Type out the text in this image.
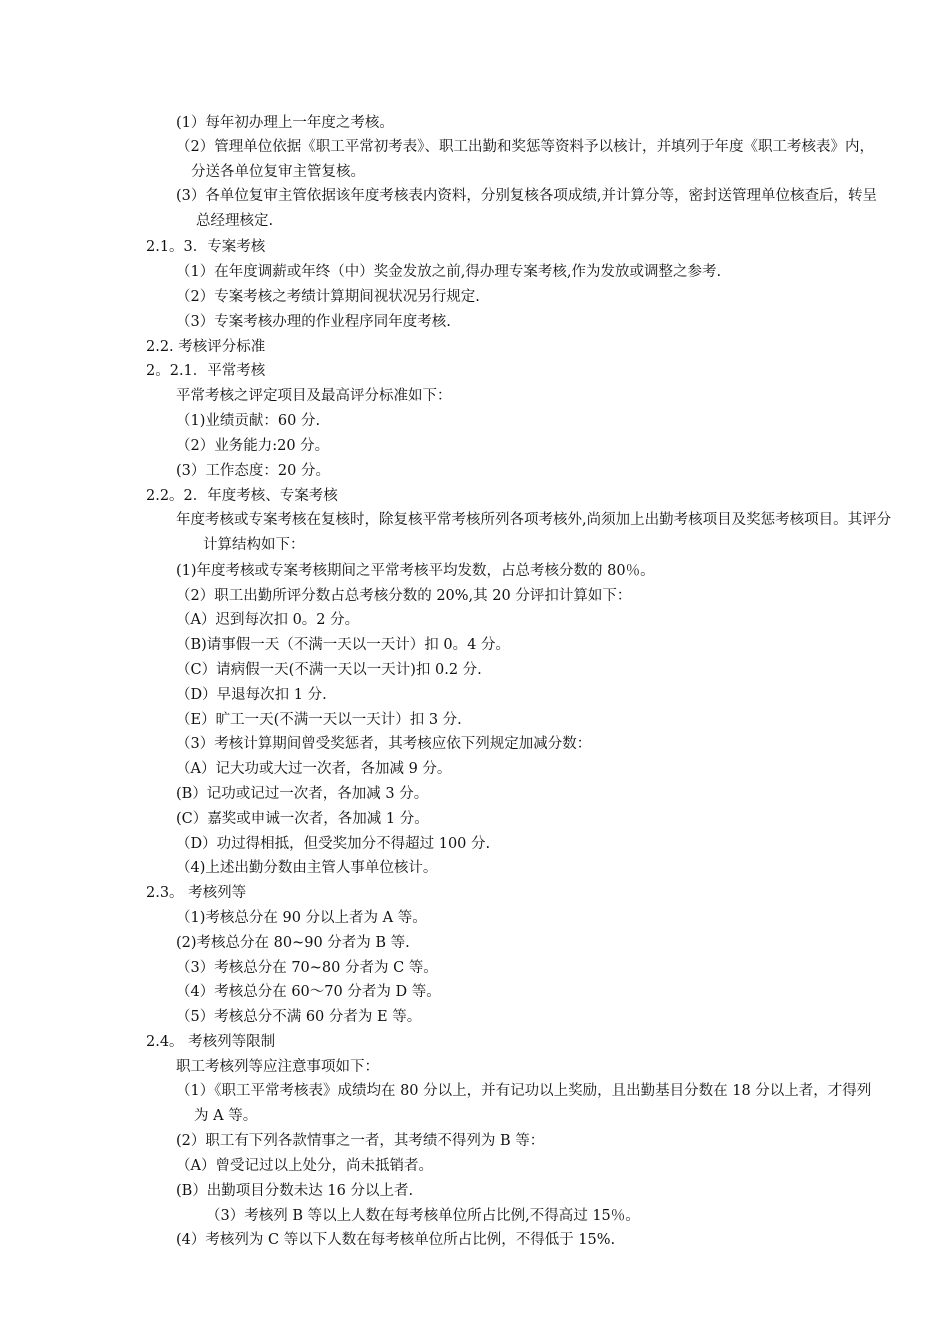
(1）每年初办理上一年度之考核。
（2）管理单位依据《职工平常初考表》、职工出勤和奖惩等资料予以核计，并填列于年度《职工考核表》内，分送各单位复审主管复核。
(3）各单位复审主管依据该年度考核表内资料，分别复核各项成绩,并计算分等，密封送管理单位核查后，转呈总经理核定.
2.1。3．专案考核
（1）在年度调薪或年终（中）奖金发放之前,得办理专案考核,作为发放或调整之参考.
（2）专案考核之考绩计算期间视状况另行规定.
（3）专案考核办理的作业程序同年度考核.
2.2. 考核评分标准
2。2.1．平常考核
平常考核之评定项目及最高评分标准如下：
（1)业绩贡献：60 分.
（2）业务能力:20 分。
(3）工作态度：20 分。
2.2。2．年度考核、专案考核
年度考核或专案考核在复核时，除复核平常考核所列各项考核外,尚须加上出勤考核项目及奖惩考核项目。其评分计算结构如下：
(1)年度考核或专案考核期间之平常考核平均发数，占总考核分数的 80％。
（2）职工出勤所评分数占总考核分数的 20%,其 20 分评扣计算如下：
（A）迟到每次扣 0。2 分。
（B)请事假一天（不满一天以一天计）扣 0。4 分。
（C）请病假一天(不满一天以一天计)扣 0.2 分.
（D）早退每次扣 1 分.
（E）旷工一天(不满一天以一天计）扣 3 分.
（3）考核计算期间曾受奖惩者，其考核应依下列规定加减分数：
（A）记大功或大过一次者，各加减 9 分。
(B）记功或记过一次者，各加减 3 分。
(C）嘉奖或申诫一次者，各加减 1 分。
（D）功过得相抵，但受奖加分不得超过 100 分.
（4)上述出勤分数由主管人事单位核计。
2.3。 考核列等
（1)考核总分在 90 分以上者为 A 等。
(2)考核总分在 80~90 分者为 B 等.
（3）考核总分在 70~80 分者为 C 等。
（4）考核总分在 60～70 分者为 D 等。
（5）考核总分不满 60 分者为 E 等。
2.4。 考核列等限制
职工考核列等应注意事项如下：
（1）《职工平常考核表》成绩均在 80 分以上，并有记功以上奖励，且出勤基目分数在 18 分以上者，才得列为 A 等。
(2）职工有下列各款情事之一者，其考绩不得列为 B 等：
（A）曾受记过以上处分，尚未抵销者。
(B）出勤项目分数未达 16 分以上者.
（3）考核列 B 等以上人数在每考核单位所占比例,不得高过 15％。
(4）考核列为 C 等以下人数在每考核单位所占比例，不得低于 15%.
